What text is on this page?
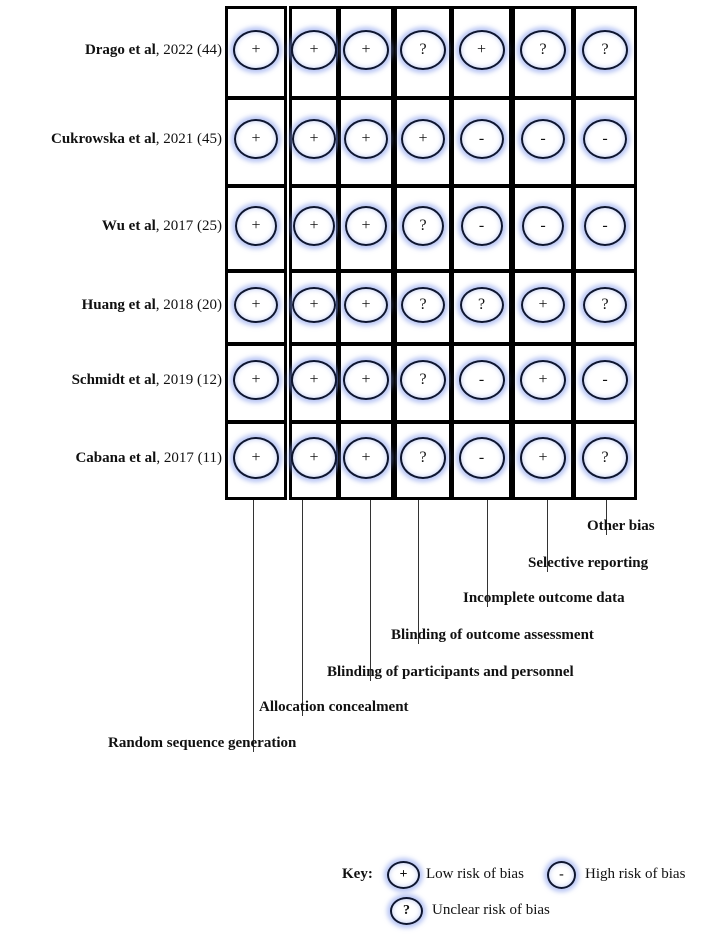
Drago et al, 2022 (44)
Cukrowska et al, 2021 (45)
Wu et al, 2017 (25)
Huang et al, 2018 (20)
Schmidt et al, 2019 (12)
Cabana et al, 2017 (11)
+	+	+	?	+	?	?
+	+	+	+	-	-	-
+	+	+	?	-	-	-
+	+	+	?	?	+	?
+	+	+	?	-	+	-
+	+	+	?	-	+	?
Random sequence generation
Allocation concealment
Blinding of participants and personnel
Blinding of outcome assessment
Incomplete outcome data
Selective reporting
Other bias
Key:	+	Low risk of bias	-	High risk of bias
?	Unclear risk of bias
